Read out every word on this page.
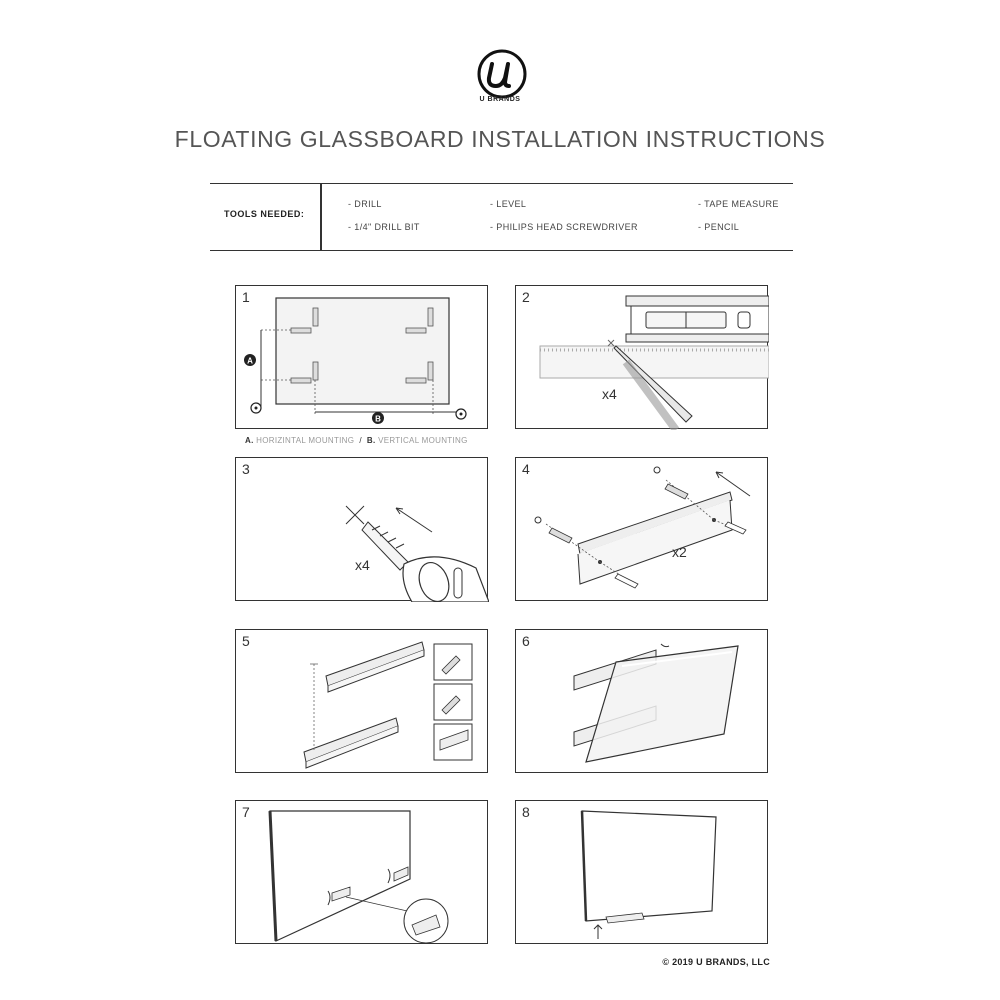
U BRANDS
FLOATING GLASSBOARD INSTALLATION INSTRUCTIONS
TOOLS NEEDED:
- DRILL	- LEVEL	- TAPE MEASURE
- 1/4" DRILL BIT	- PHILIPS HEAD SCREWDRIVER	- PENCIL
1
A
B
A. HORIZINTAL MOUNTING / B. VERTICAL MOUNTING
2
x4
3
x4
4
x2
5	6
7	8
© 2019 U BRANDS, LLC
